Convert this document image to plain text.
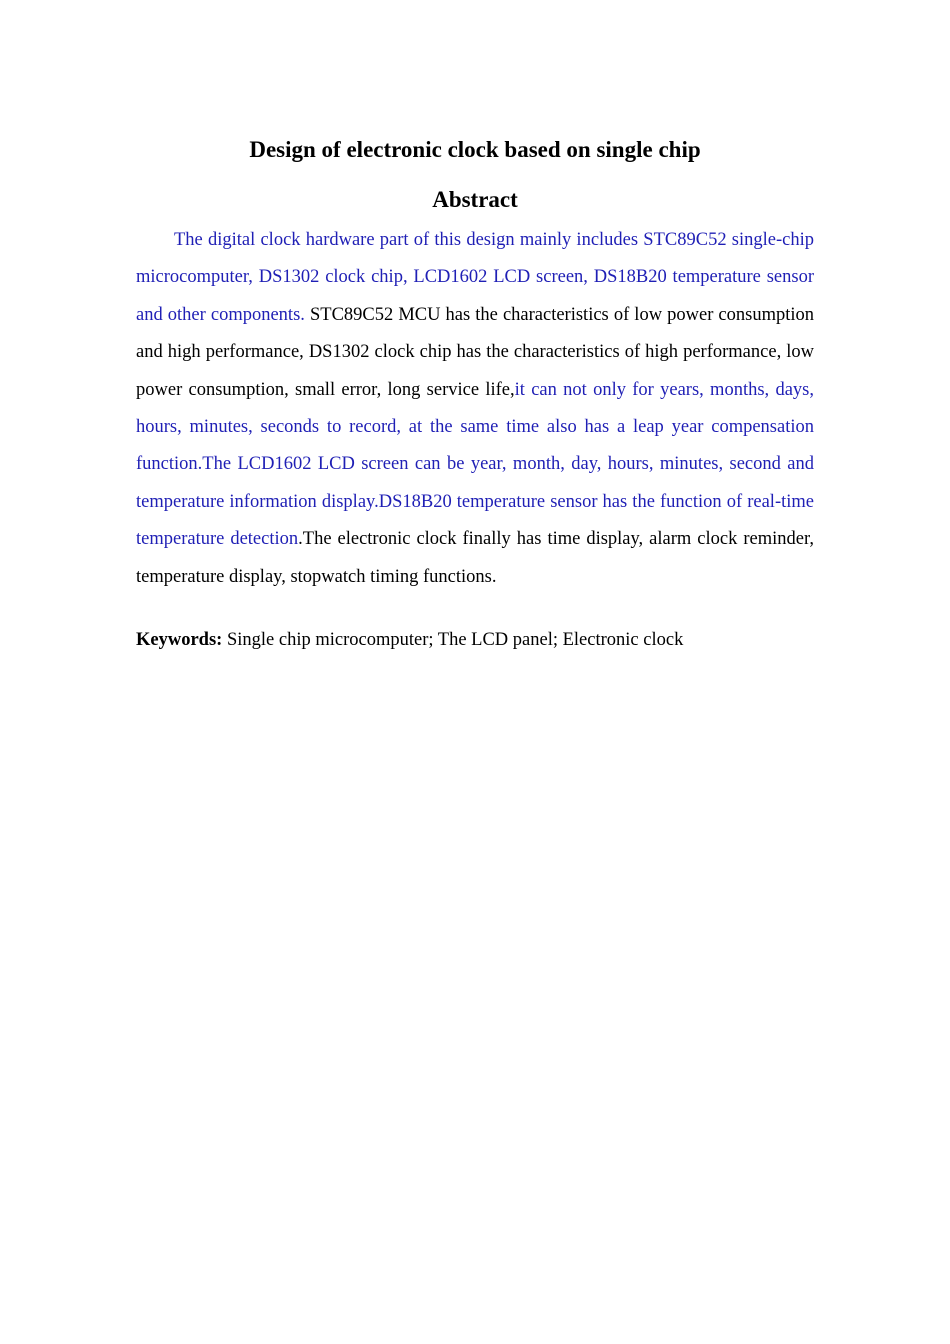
Design of electronic clock based on single chip
Abstract

The digital clock hardware part of this design mainly includes STC89C52 single-chip microcomputer, DS1302 clock chip, LCD1602 LCD screen, DS18B20 temperature sensor and other components. STC89C52 MCU has the characteristics of low power consumption and high performance, DS1302 clock chip has the characteristics of high performance, low power consumption, small error, long service life,it can not only for years, months, days, hours, minutes, seconds to record, at the same time also has a leap year compensation function.The LCD1602 LCD screen can be year, month, day, hours, minutes, second and temperature information display.DS18B20 temperature sensor has the function of real-time temperature detection.The electronic clock finally has time display, alarm clock reminder, temperature display, stopwatch timing functions.

Keywords: Single chip microcomputer; The LCD panel; Electronic clock
